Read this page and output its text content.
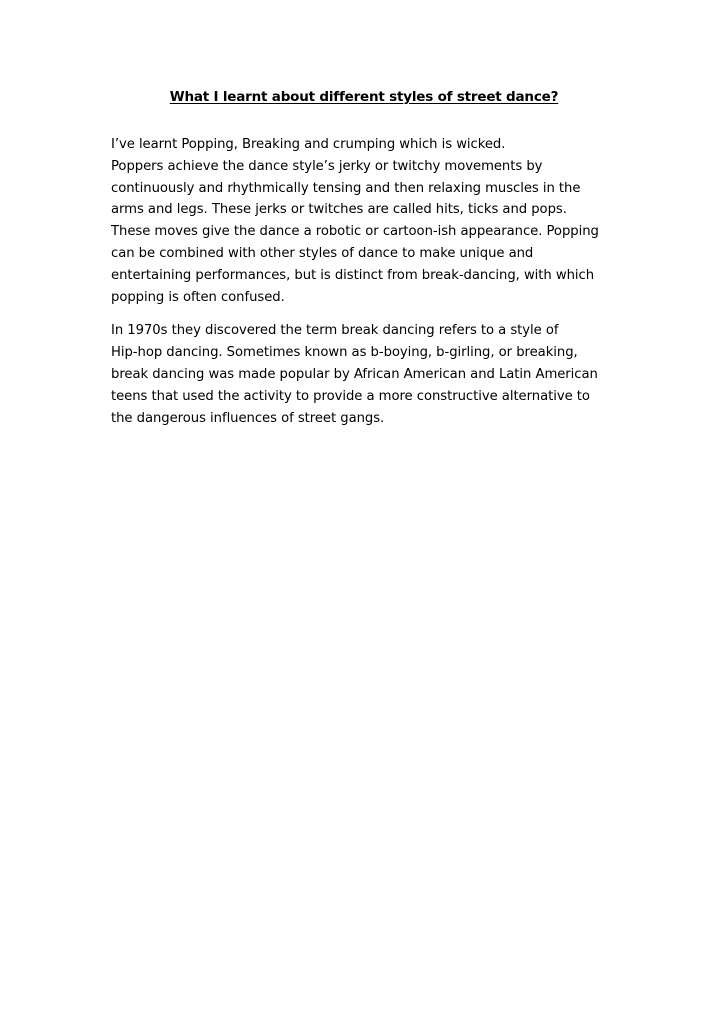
What I learnt about different styles of street dance?

I’ve learnt Popping, Breaking and crumping which is wicked.

Poppers achieve the dance style’s jerky or twitchy movements by

continuously and rhythmically tensing and then relaxing muscles in the

arms and legs. These jerks or twitches are called hits, ticks and pops.

These moves give the dance a robotic or cartoon-ish appearance. Popping

can be combined with other styles of dance to make unique and

entertaining performances, but is distinct from break-dancing, with which

popping is often confused.

In 1970s they discovered the term break dancing refers to a style of

Hip-hop dancing. Sometimes known as b-boying, b-girling, or breaking,

break dancing was made popular by African American and Latin American

teens that used the activity to provide a more constructive alternative to

the dangerous influences of street gangs.
